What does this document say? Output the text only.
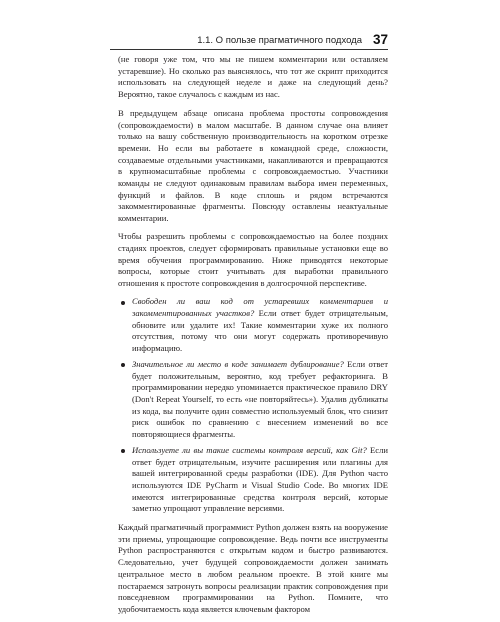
1.1. О пользе прагматичного подхода 37

(не говоря уже том, что мы не пишем комментарии или оставляем устаревшие). Но сколько раз выяснялось, что тот же скрипт приходится использовать на следующей неделе и даже на следующий день? Вероятно, такое случалось с каждым из нас.

В предыдущем абзаце описана проблема простоты сопровождения (сопровождаемости) в малом масштабе. В данном случае она влияет только на вашу собственную производительность на коротком отрезке времени. Но если вы работаете в командной среде, сложности, создаваемые отдельными участниками, накапливаются и превращаются в крупномасштабные проблемы с сопровождаемостью. Участники команды не следуют одинаковым правилам выбора имен переменных, функций и файлов. В коде сплошь и рядом встречаются закомментированные фрагменты. Повсюду оставлены неактуальные комментарии.

Чтобы разрешить проблемы с сопровождаемостью на более поздних стадиях проектов, следует сформировать правильные установки еще во время обучения программированию. Ниже приводятся некоторые вопросы, которые стоит учитывать для выработки правильного отношения к простоте сопровождения в долгосрочной перспективе.

Свободен ли ваш код от устаревших комментариев и закомментированных участков? Если ответ будет отрицательным, обновите или удалите их! Такие комментарии хуже их полного отсутствия, потому что они могут содержать противоречивую информацию.
Значительное ли место в коде занимает дублирование? Если ответ будет положительным, вероятно, код требует рефакторинга. В программировании нередко упоминается практическое правило DRY (Don't Repeat Yourself, то есть «не повторяйтесь»). Удалив дубликаты из кода, вы получите один совместно используемый блок, что снизит риск ошибок по сравнению с внесением изменений во все повторяющиеся фрагменты.
Используете ли вы такие системы контроля версий, как Git? Если ответ будет отрицательным, изучите расширения или плагины для вашей интегрированной среды разработки (IDE). Для Python часто используются IDE PyCharm и Visual Studio Code. Во многих IDE имеются интегрированные средства контроля версий, которые заметно упрощают управление версиями.

Каждый прагматичный программист Python должен взять на вооружение эти приемы, упрощающие сопровождение. Ведь почти все инструменты Python распространяются с открытым кодом и быстро развиваются. Следовательно, учет будущей сопровождаемости должен занимать центральное место в любом реальном проекте. В этой книге мы постараемся затронуть вопросы реализации практик сопровождения при повседневном программировании на Python. Помните, что удобочитаемость кода является ключевым фактором
